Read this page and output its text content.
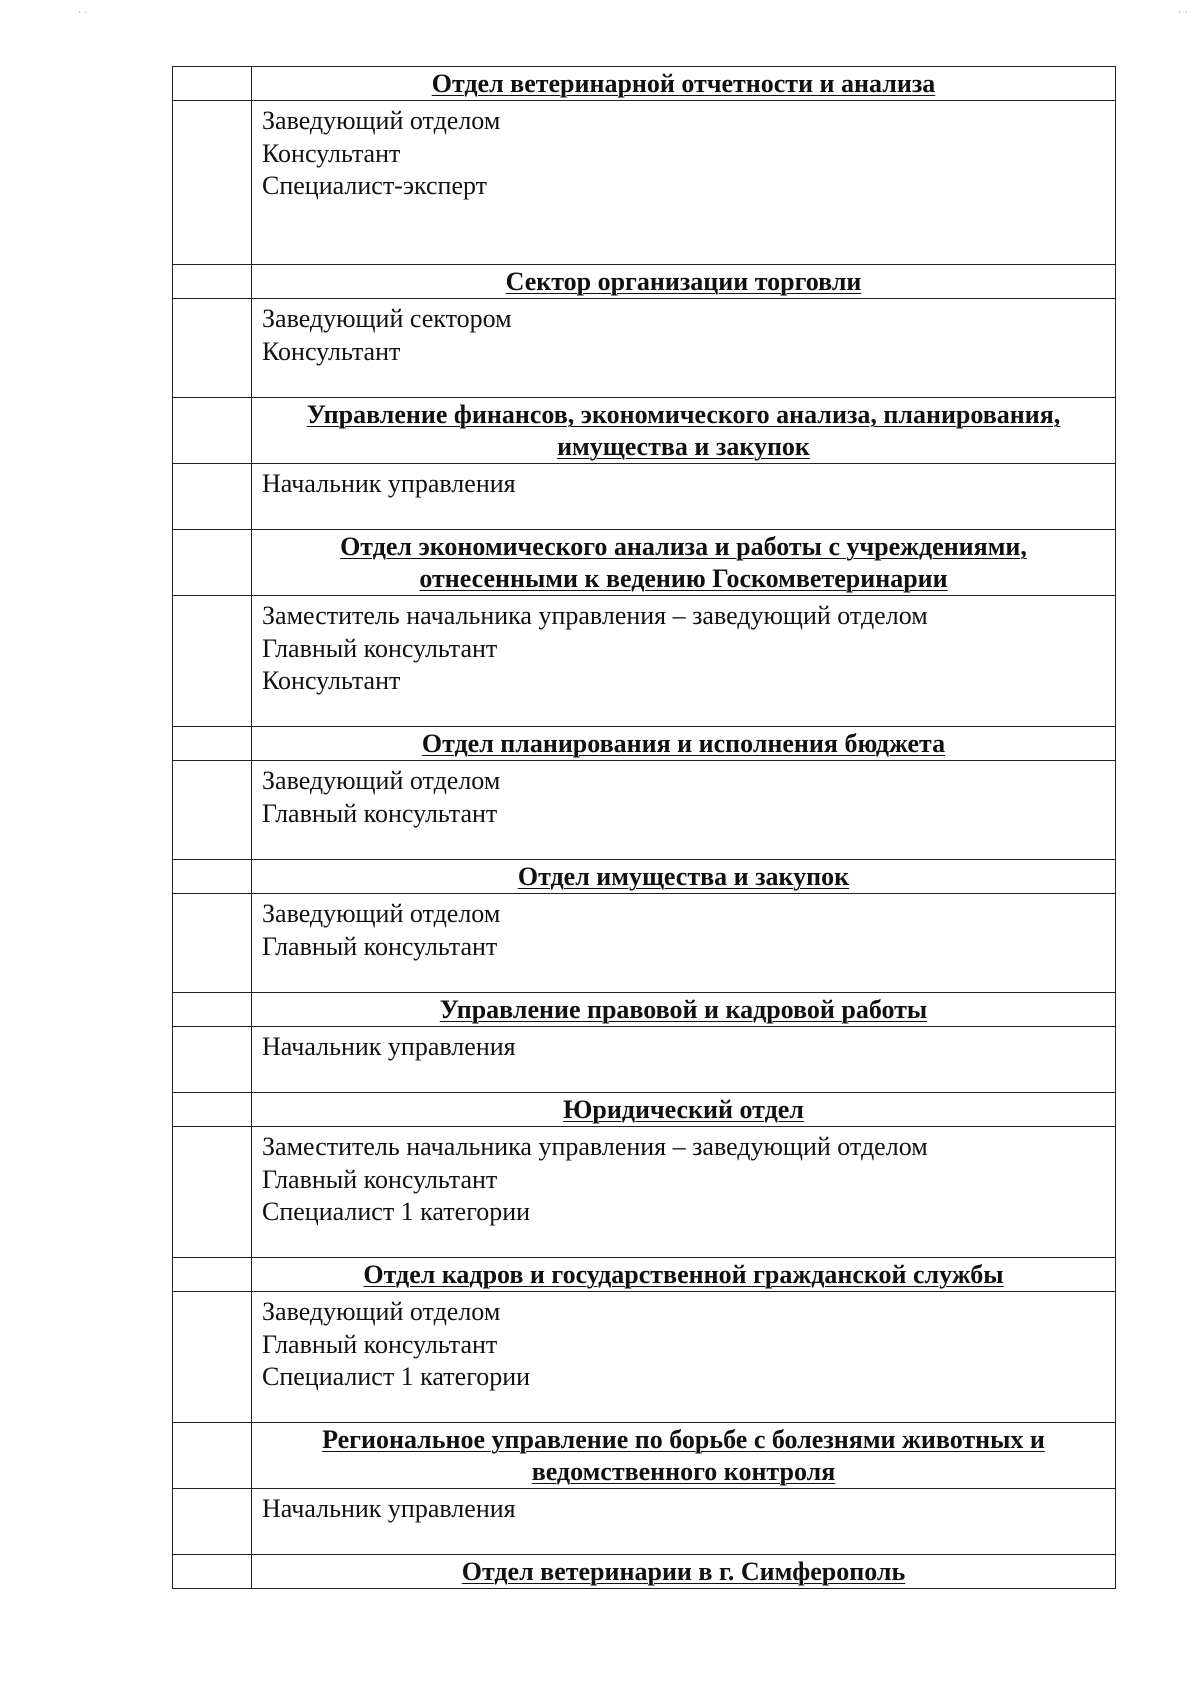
· ·	· ·
	Отдел ветеринарной отчетности и анализа

	Заведующий отделом
Консультант
Специалист-эксперт

	Сектор организации торговли

	Заведующий сектором
Консультант

	Управление финансов, экономического анализа, планирования, имущества и закупок

	Начальник управления

	Отдел экономического анализа и работы с учреждениями, отнесенными к ведению Госкомветеринарии

	Заместитель начальника управления – заведующий отделом
Главный консультант
Консультант

	Отдел планирования и исполнения бюджета

	Заведующий отделом
Главный консультант

	Отдел имущества и закупок

	Заведующий отделом
Главный консультант

	Управление правовой и кадровой работы

	Начальник управления

	Юридический отдел

	Заместитель начальника управления – заведующий отделом
Главный консультант
Специалист 1 категории

	Отдел кадров и государственной гражданской службы

	Заведующий отделом
Главный консультант
Специалист 1 категории

	Региональное управление по борьбе с болезнями животных и ведомственного контроля

	Начальник управления

	Отдел ветеринарии в г. Симферополь
